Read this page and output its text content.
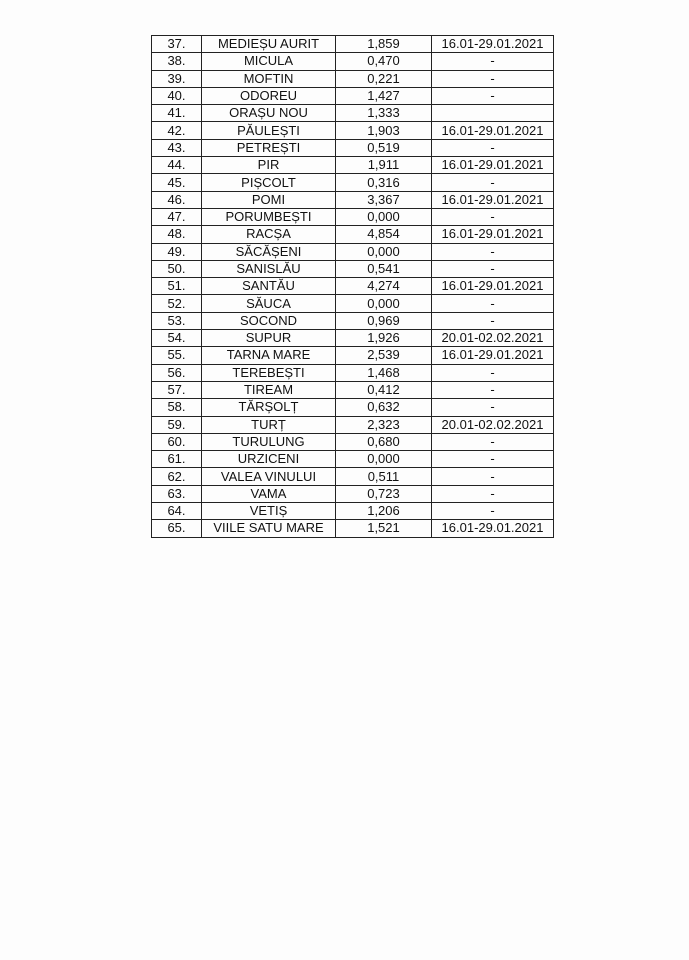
37.	MEDIEȘU AURIT	1,859	16.01-29.01.2021
38.	MICULA	0,470	-
39.	MOFTIN	0,221	-
40.	ODOREU	1,427	-
41.	ORAȘU NOU	1,333	
42.	PĂULEȘTI	1,903	16.01-29.01.2021
43.	PETREȘTI	0,519	-
44.	PIR	1,911	16.01-29.01.2021
45.	PIȘCOLT	0,316	-
46.	POMI	3,367	16.01-29.01.2021
47.	PORUMBEȘTI	0,000	-
48.	RACȘA	4,854	16.01-29.01.2021
49.	SĂCĂȘENI	0,000	-
50.	SANISLĂU	0,541	-
51.	SANTĂU	4,274	16.01-29.01.2021
52.	SĂUCA	0,000	-
53.	SOCOND	0,969	-
54.	SUPUR	1,926	20.01-02.02.2021
55.	TARNA MARE	2,539	16.01-29.01.2021
56.	TEREBEȘTI	1,468	-
57.	TIREAM	0,412	-
58.	TĂRȘOLȚ	0,632	-
59.	TURȚ	2,323	20.01-02.02.2021
60.	TURULUNG	0,680	-
61.	URZICENI	0,000	-
62.	VALEA VINULUI	0,511	-
63.	VAMA	0,723	-
64.	VETIȘ	1,206	-
65.	VIILE SATU MARE	1,521	16.01-29.01.2021
